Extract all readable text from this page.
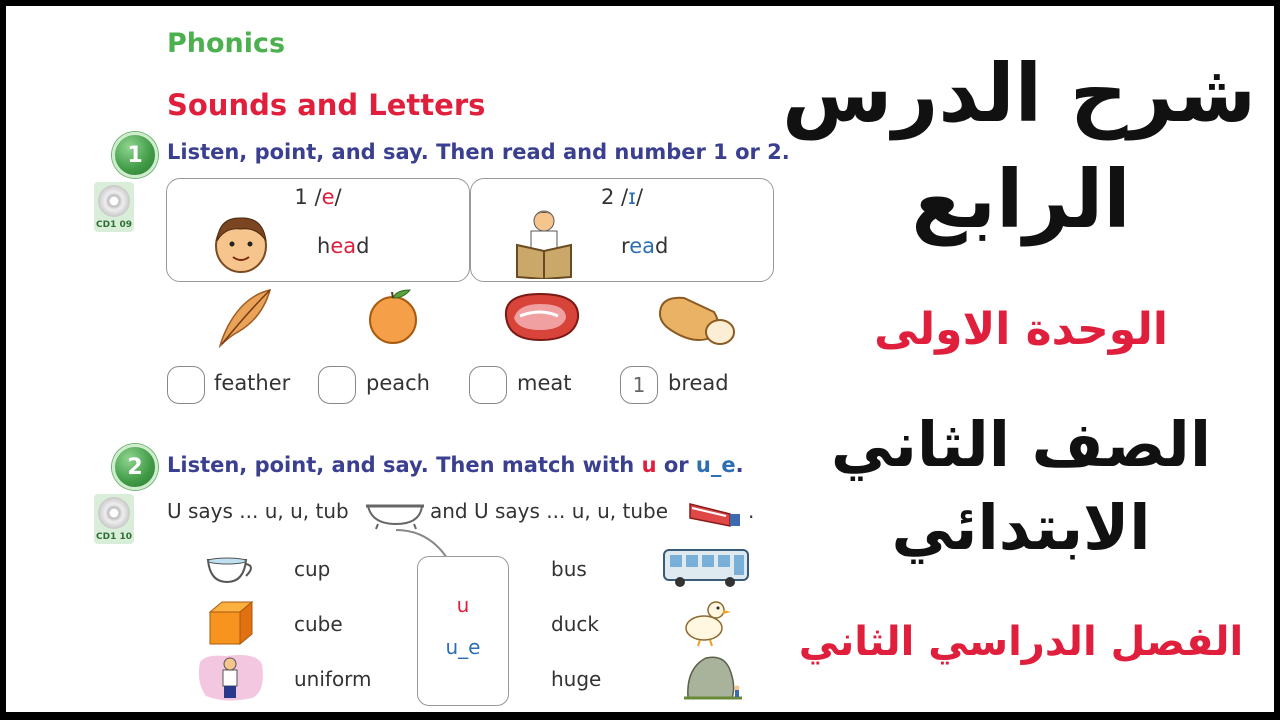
Phonics
Sounds and Letters
1 Listen, point, and say. Then read and number 1 or 2.
CD1 09
1 /e/
head
2 /ɪ/
read
feather	peach	meat	1 bread
2 Listen, point, and say. Then match with u or u_e.
CD1 10
U says ... u, u, tub	and U says ... u, u, tube	.
cup
cube
uniform
u
u_e
bus
duck
huge
شرح الدرس
الرابع
الوحدة الاولى
الصف الثاني
الابتدائي
الفصل الدراسي الثاني
